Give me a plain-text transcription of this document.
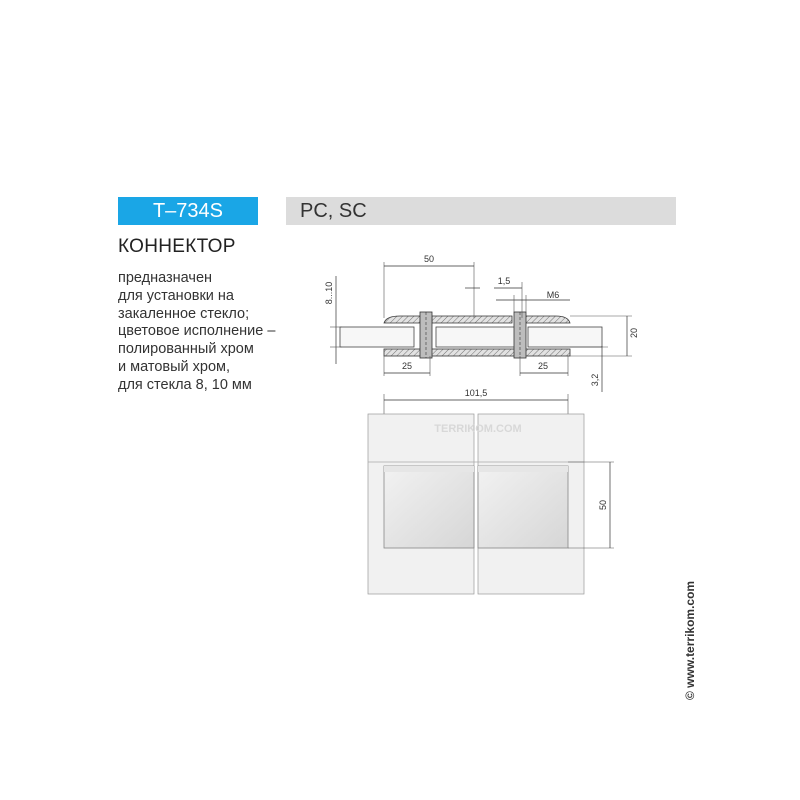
T–734S	PC, SC
КОННЕКТОР
предназначен
для установки на
закаленное стекло;
цветовое исполнение –
полированный хром
и матовый хром,
для стекла 8, 10 мм
50
1,5
M6
8...10
20
25	25
3,2
101,5
TERRIKOM.COM
50
© www.terrikom.com
